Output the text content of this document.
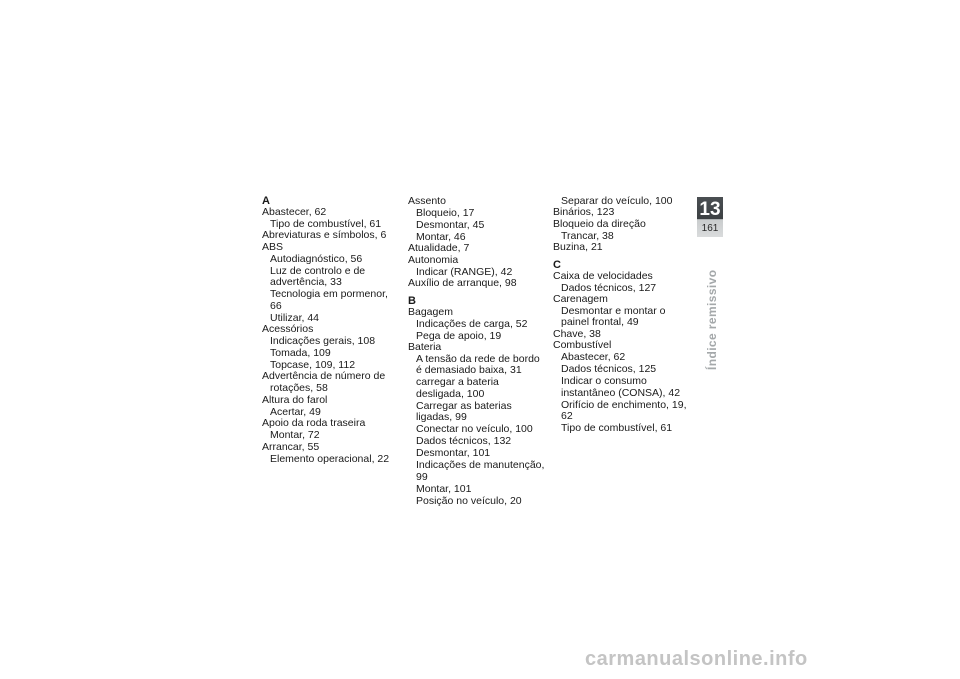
A
Abastecer, 62
Tipo de combustível, 61
Abreviaturas e símbolos, 6
ABS
Autodiagnóstico, 56
Luz de controlo e de advertência, 33
Tecnologia em pormenor, 66
Utilizar, 44
Acessórios
Indicações gerais, 108
Tomada, 109
Topcase, 109, 112
Advertência de número de
rotações, 58
Altura do farol
Acertar, 49
Apoio da roda traseira
Montar, 72
Arrancar, 55
Elemento operacional, 22
Assento
Bloqueio, 17
Desmontar, 45
Montar, 46
Atualidade, 7
Autonomia
Indicar (RANGE), 42
Auxílio de arranque, 98
B
Bagagem
Indicações de carga, 52
Pega de apoio, 19
Bateria
A tensão da rede de bordo é demasiado baixa, 31
carregar a bateria desligada, 100
Carregar as baterias ligadas, 99
Conectar no veículo, 100
Dados técnicos, 132
Desmontar, 101
Indicações de manutenção, 99
Montar, 101
Posição no veículo, 20
Separar do veículo, 100
Binários, 123
Bloqueio da direção
Trancar, 38
Buzina, 21
C
Caixa de velocidades
Dados técnicos, 127
Carenagem
Desmontar e montar o painel frontal, 49
Chave, 38
Combustível
Abastecer, 62
Dados técnicos, 125
Indicar o consumo instantâneo (CONSA), 42
Orifício de enchimento, 19, 62
Tipo de combustível, 61
13
161
Índice remissivo
carmanualsonline.info
